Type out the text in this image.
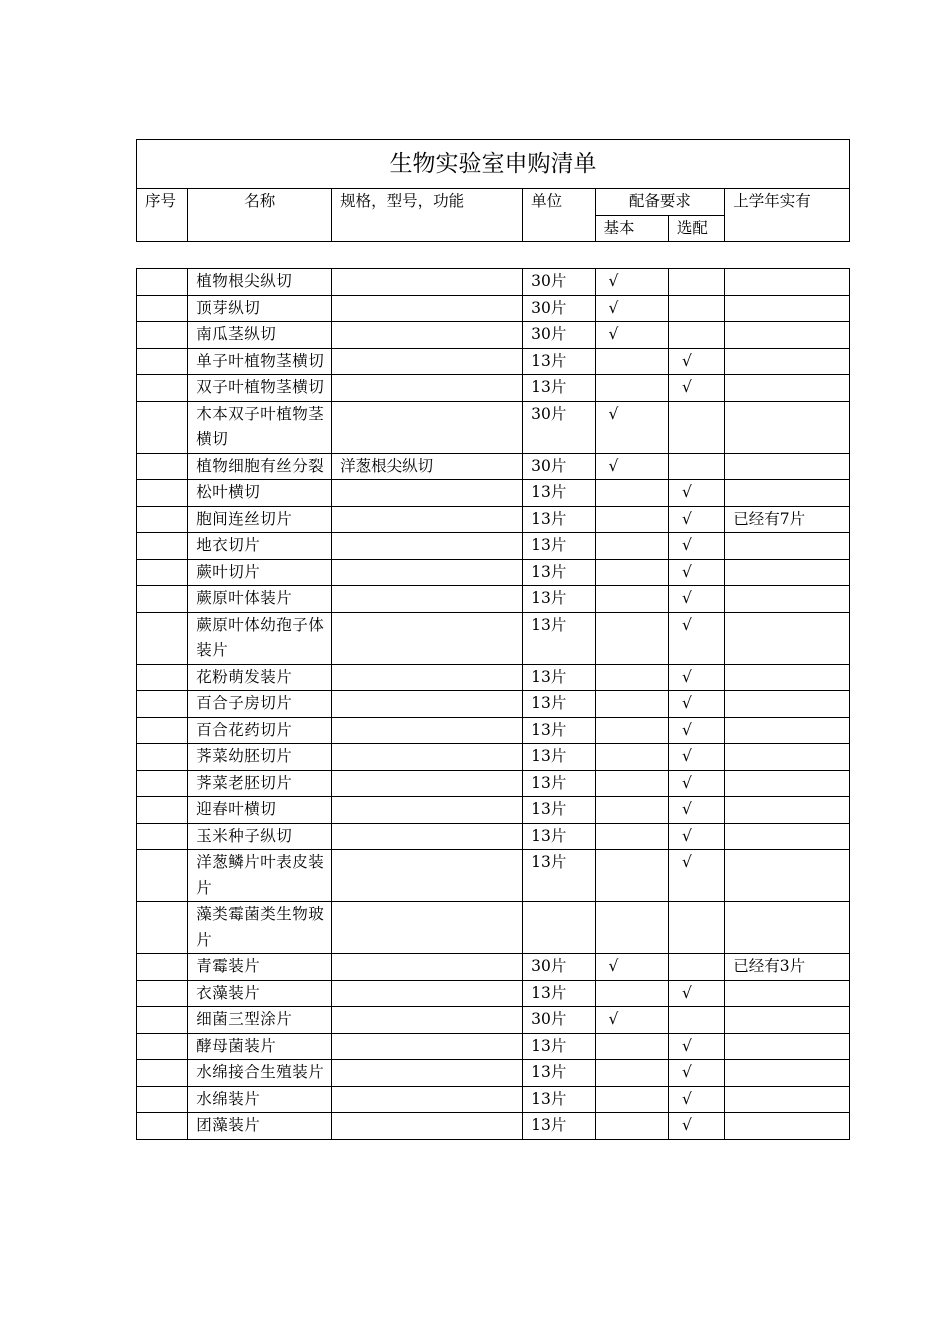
生物实验室申购清单						
序号	名称	规格，型号，功能	单位	配备要求		上学年实有
				基本	选配	
	植物根尖纵切		30片	√		
	顶芽纵切		30片	√		
	南瓜茎纵切		30片	√		
	单子叶植物茎横切		13片		√	
	双子叶植物茎横切		13片		√	
	木本双子叶植物茎横切		30片	√		
	植物细胞有丝分裂	洋葱根尖纵切	30片	√		
	松叶横切		13片		√	
	胞间连丝切片		13片		√	已经有7片
	地衣切片		13片		√	
	蕨叶切片		13片		√	
	蕨原叶体装片		13片		√	
	蕨原叶体幼孢子体装片		13片		√	
	花粉萌发装片		13片		√	
	百合子房切片		13片		√	
	百合花药切片		13片		√	
	荠菜幼胚切片		13片		√	
	荠菜老胚切片		13片		√	
	迎春叶横切		13片		√	
	玉米种子纵切		13片		√	
	洋葱鳞片叶表皮装片		13片		√	
	藻类霉菌类生物玻片					
	青霉装片		30片	√		已经有3片
	衣藻装片		13片		√	
	细菌三型涂片		30片	√		
	酵母菌装片		13片		√	
	水绵接合生殖装片		13片		√	
	水绵装片		13片		√	
	团藻装片		13片		√	
